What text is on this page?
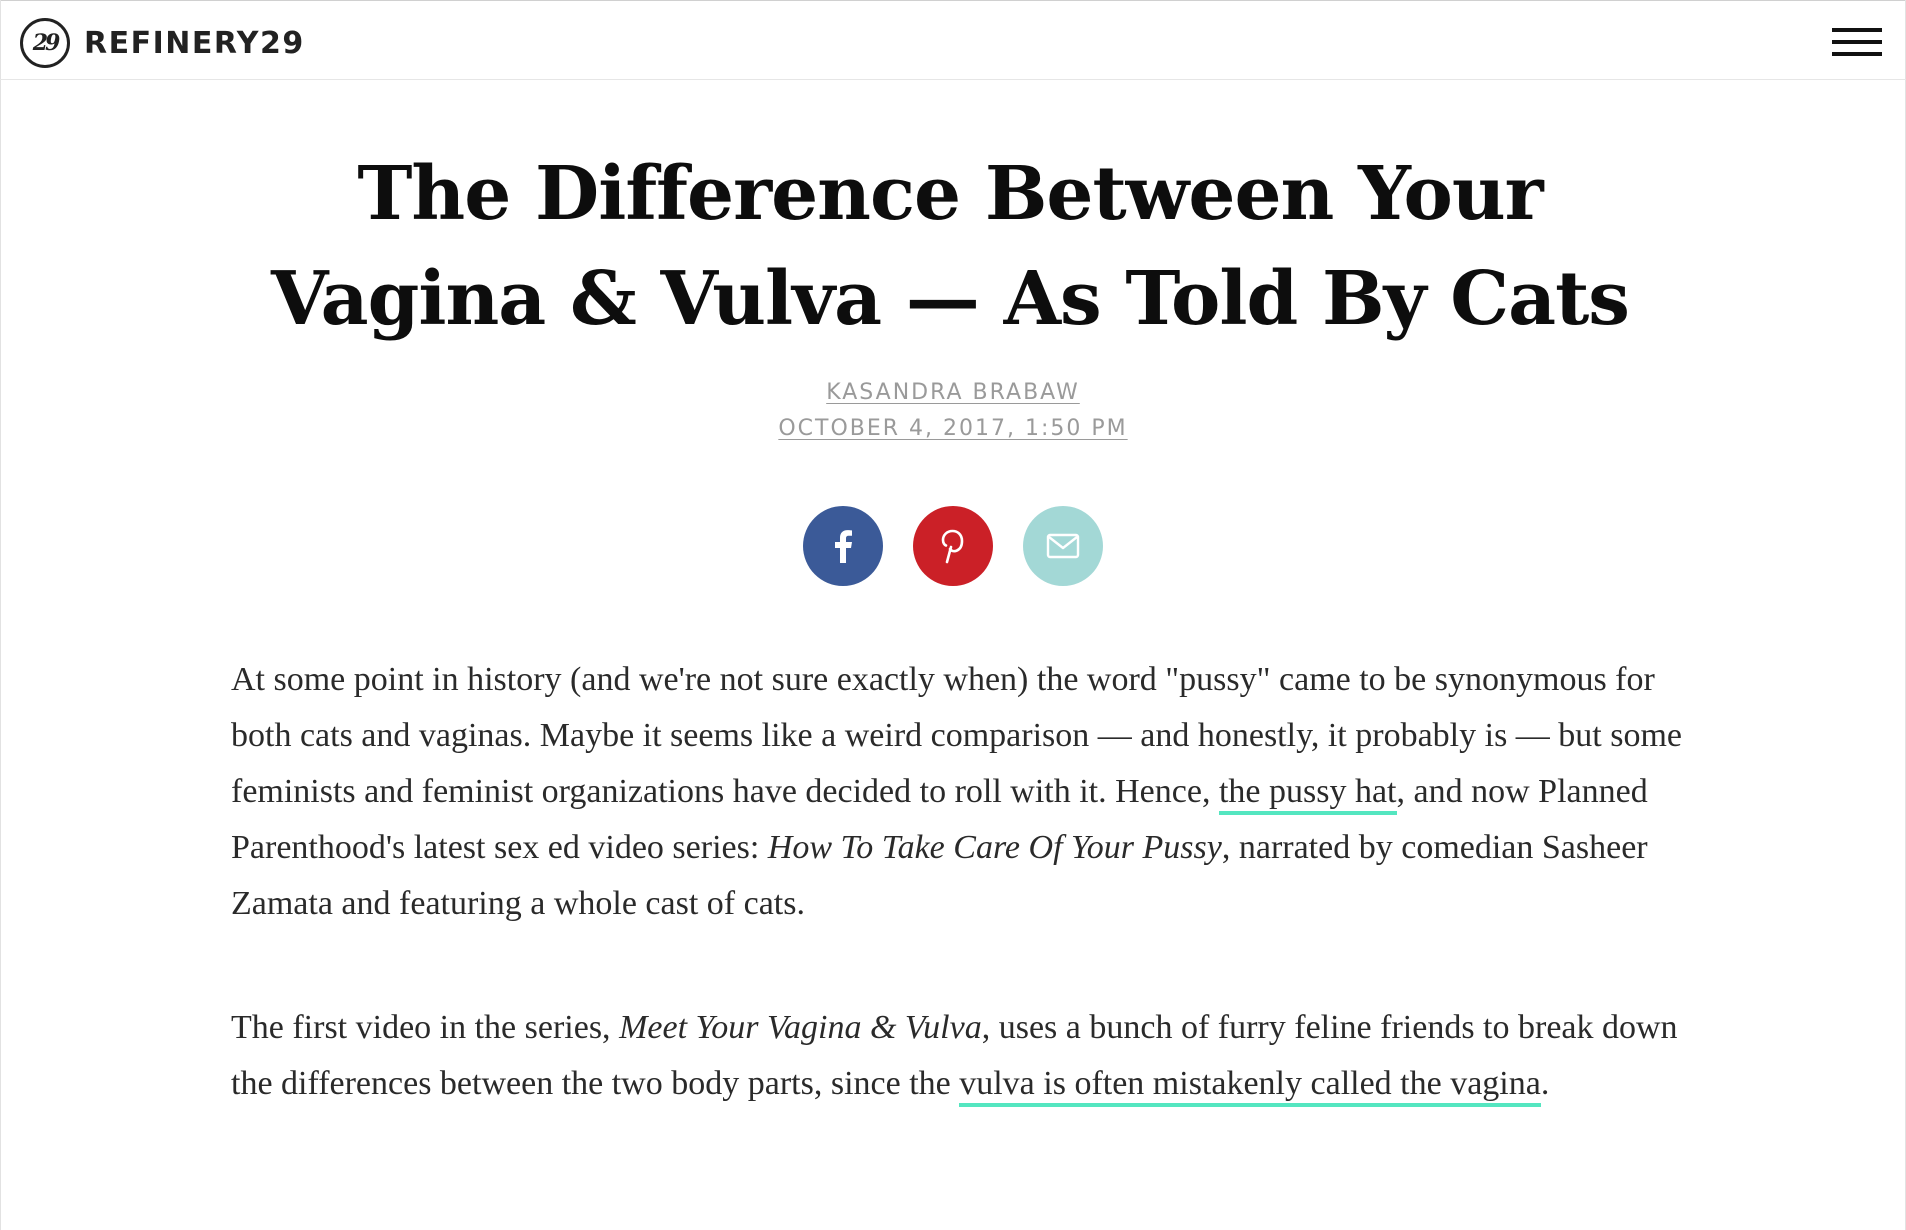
29 REFINERY29
The Difference Between Your Vagina & Vulva — As Told By Cats
KASANDRA BRABAW
OCTOBER 4, 2017, 1:50 PM

At some point in history (and we're not sure exactly when) the word "pussy" came to be synonymous for both cats and vaginas. Maybe it seems like a weird comparison — and honestly, it probably is — but some feminists and feminist organizations have decided to roll with it. Hence, the pussy hat, and now Planned Parenthood's latest sex ed video series: How To Take Care Of Your Pussy, narrated by comedian Sasheer Zamata and featuring a whole cast of cats.

The first video in the series, Meet Your Vagina & Vulva, uses a bunch of furry feline friends to break down the differences between the two body parts, since the vulva is often mistakenly called the vagina.
